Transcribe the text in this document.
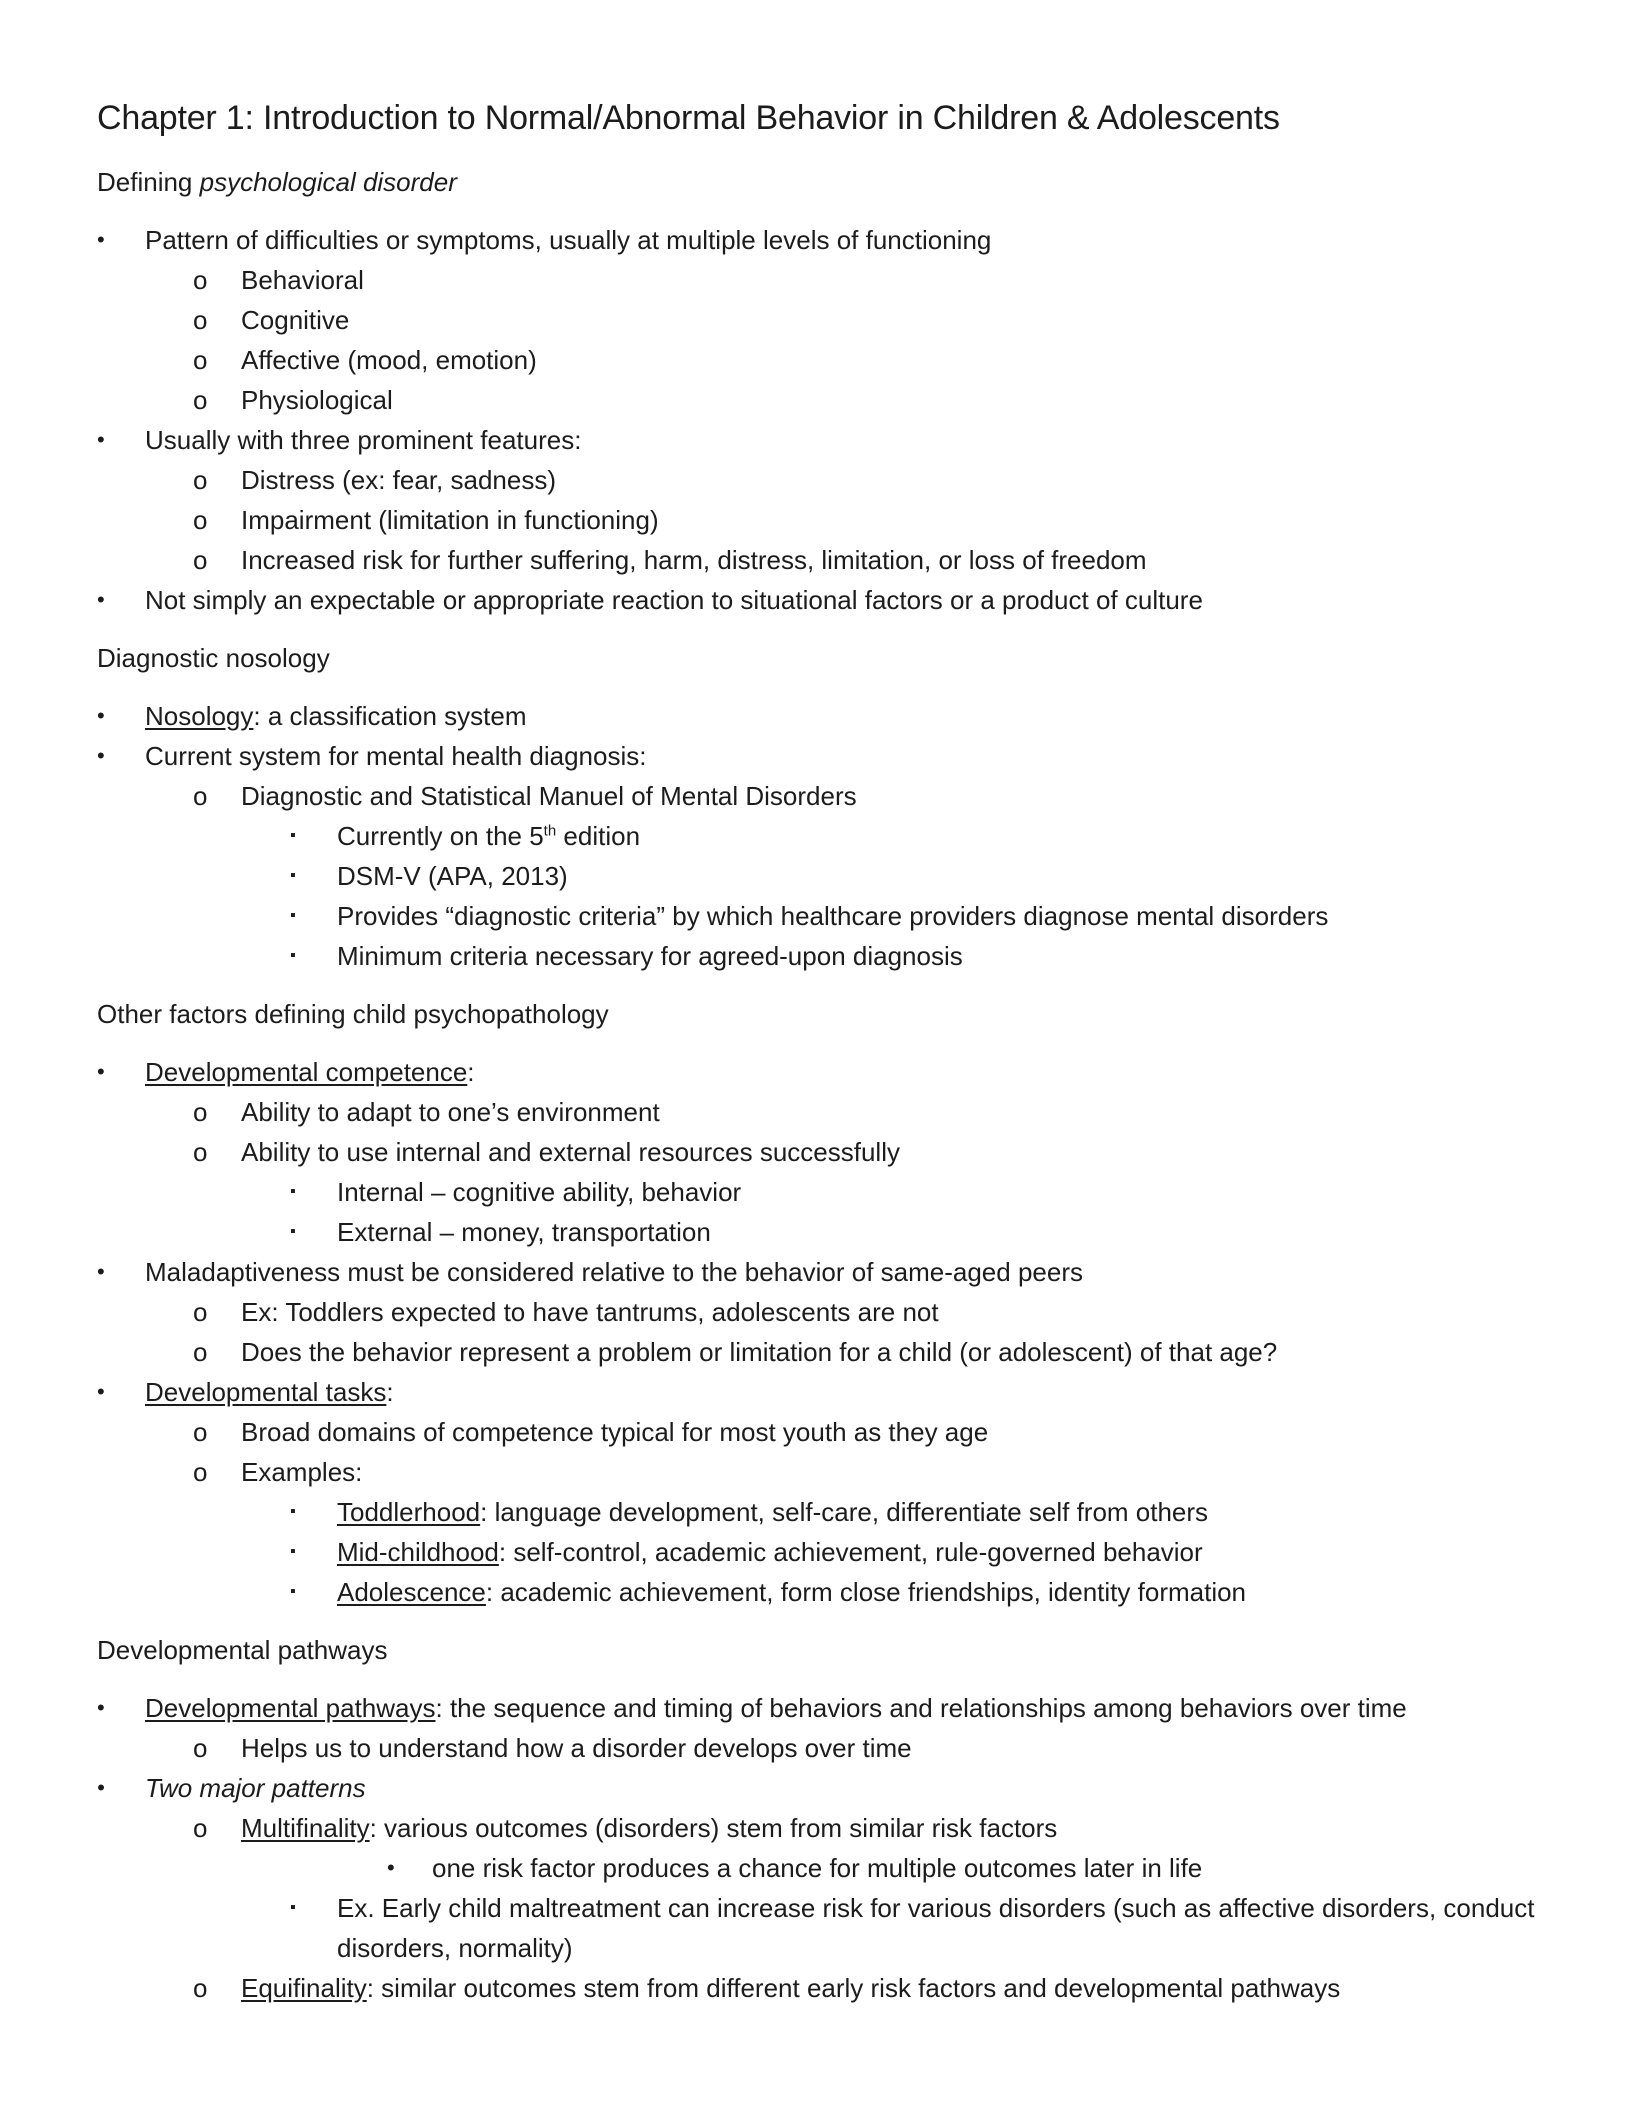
Chapter 1: Introduction to Normal/Abnormal Behavior in Children & Adolescents
Defining psychological disorder
• Pattern of difficulties or symptoms, usually at multiple levels of functioning
o Behavioral
o Cognitive
o Affective (mood, emotion)
o Physiological
• Usually with three prominent features:
o Distress (ex: fear, sadness)
o Impairment (limitation in functioning)
o Increased risk for further suffering, harm, distress, limitation, or loss of freedom
• Not simply an expectable or appropriate reaction to situational factors or a product of culture
Diagnostic nosology
• Nosology: a classification system
• Current system for mental health diagnosis:
o Diagnostic and Statistical Manuel of Mental Disorders
▪ Currently on the 5th edition
▪ DSM-V (APA, 2013)
▪ Provides “diagnostic criteria” by which healthcare providers diagnose mental disorders
▪ Minimum criteria necessary for agreed-upon diagnosis
Other factors defining child psychopathology
• Developmental competence:
o Ability to adapt to one’s environment
o Ability to use internal and external resources successfully
▪ Internal – cognitive ability, behavior
▪ External – money, transportation
• Maladaptiveness must be considered relative to the behavior of same-aged peers
o Ex: Toddlers expected to have tantrums, adolescents are not
o Does the behavior represent a problem or limitation for a child (or adolescent) of that age?
• Developmental tasks:
o Broad domains of competence typical for most youth as they age
o Examples:
▪ Toddlerhood: language development, self-care, differentiate self from others
▪ Mid-childhood: self-control, academic achievement, rule-governed behavior
▪ Adolescence: academic achievement, form close friendships, identity formation
Developmental pathways
• Developmental pathways: the sequence and timing of behaviors and relationships among behaviors over time
o Helps us to understand how a disorder develops over time
• Two major patterns
o Multifinality: various outcomes (disorders) stem from similar risk factors
• one risk factor produces a chance for multiple outcomes later in life
▪ Ex. Early child maltreatment can increase risk for various disorders (such as affective disorders, conduct disorders, normality)
o Equifinality: similar outcomes stem from different early risk factors and developmental pathways
